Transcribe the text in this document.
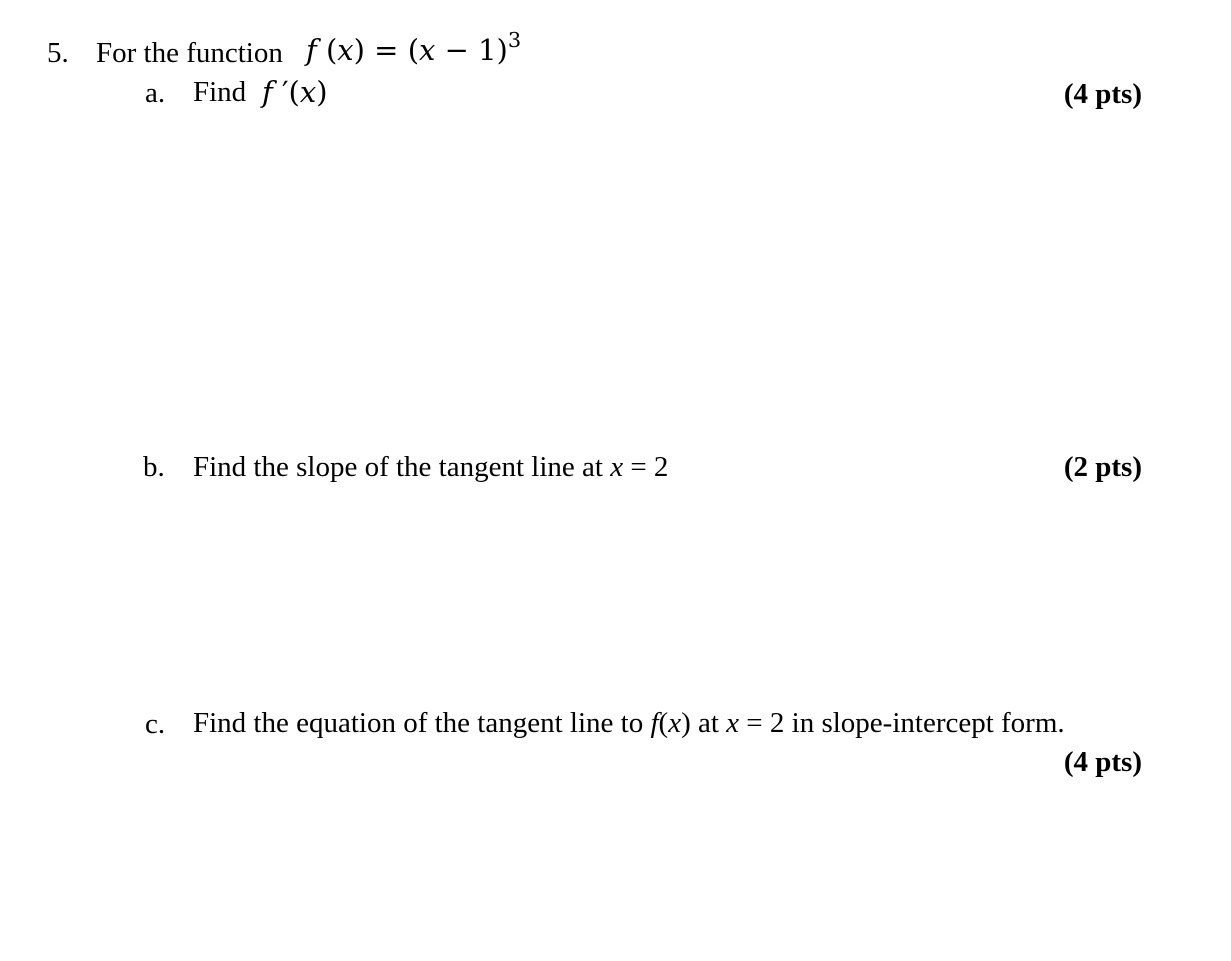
5. For the function f $(x) = (x - 1)^3$
a. Find f ′(x)	(4 pts)
b. Find the slope of the tangent line at x = 2	(2 pts)
c. Find the equation of the tangent line to f(x) at x = 2 in slope-intercept form.
(4 pts)
